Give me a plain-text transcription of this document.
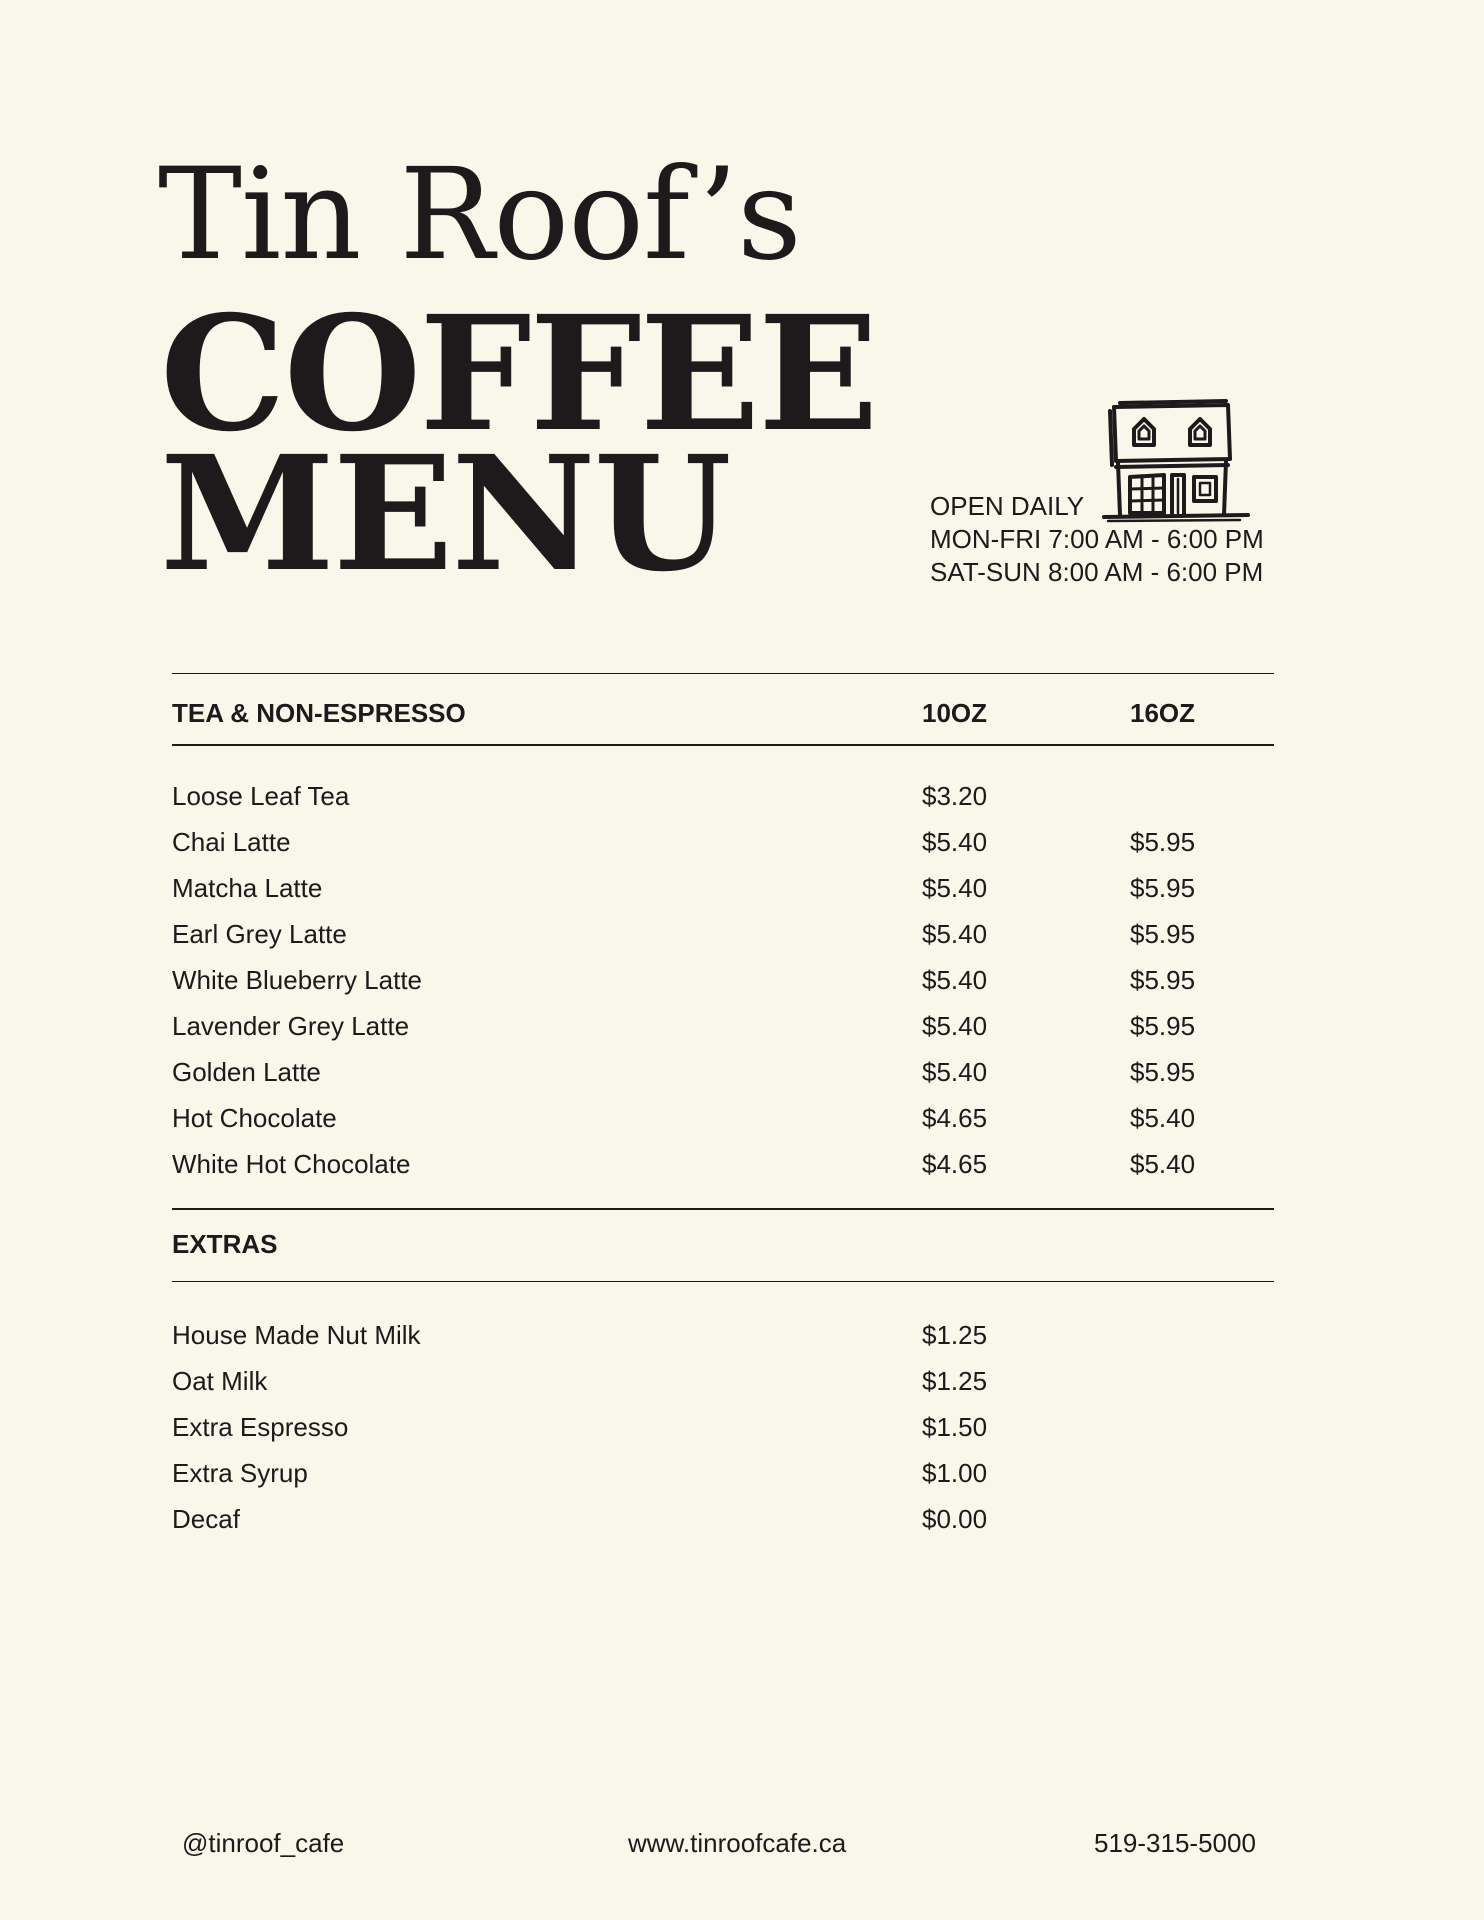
Tin Roof’s
COFFEE
MENU	OPEN DAILY
MON-FRI 7:00 AM - 6:00 PM
SAT-SUN 8:00 AM - 6:00 PM
TEA & NON-ESPRESSO	10OZ	16OZ
Loose Leaf Tea	$3.20
Chai Latte	$5.40	$5.95
Matcha Latte	$5.40	$5.95
Earl Grey Latte	$5.40	$5.95
White Blueberry Latte	$5.40	$5.95
Lavender Grey Latte	$5.40	$5.95
Golden Latte	$5.40	$5.95
Hot Chocolate	$4.65	$5.40
White Hot Chocolate	$4.65	$5.40
EXTRAS
House Made Nut Milk	$1.25
Oat Milk	$1.25
Extra Espresso	$1.50
Extra Syrup	$1.00
Decaf	$0.00
@tinroof_cafe	www.tinroofcafe.ca	519-315-5000
